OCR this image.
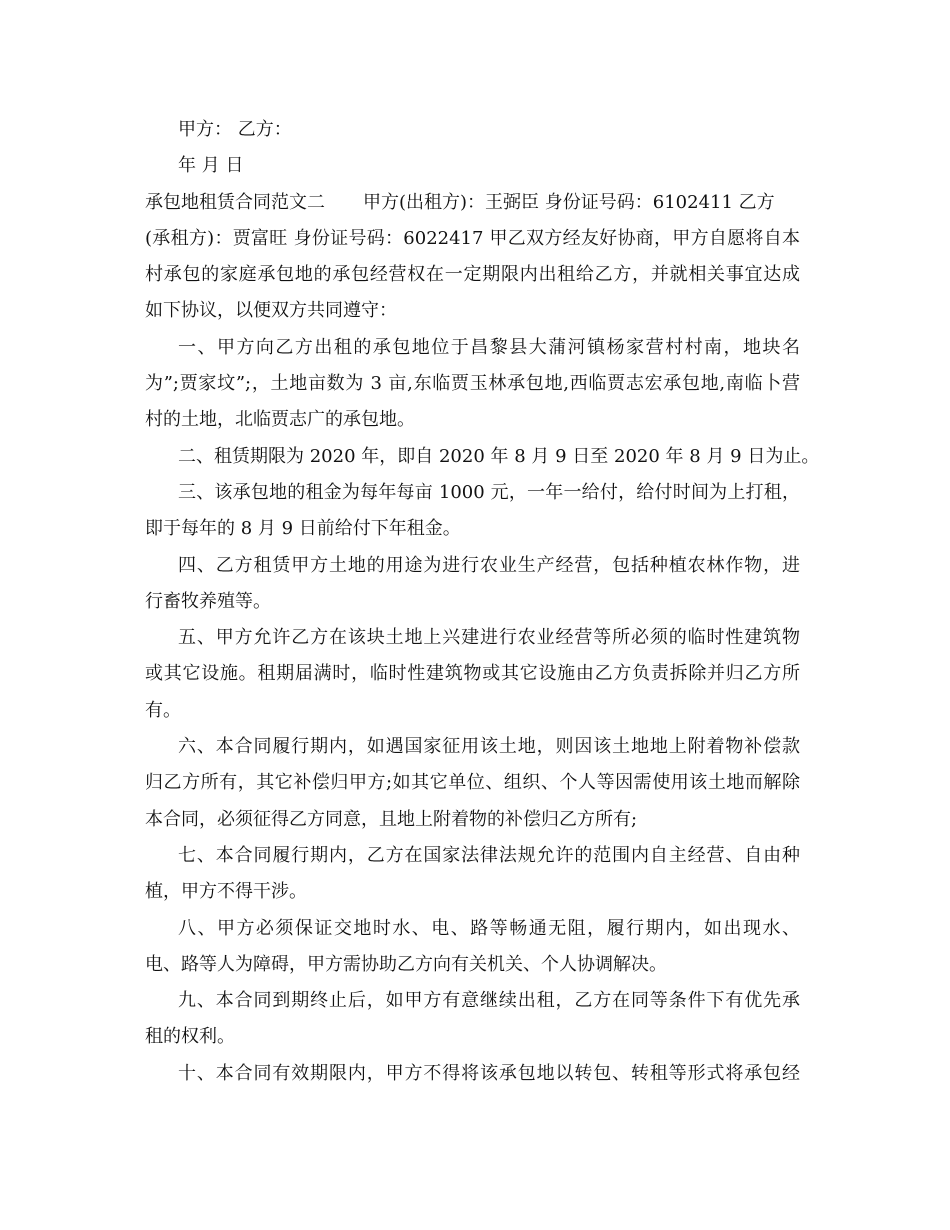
甲方： 乙方：
年 月 日
承包地租赁合同范文二 甲方(出租方)：王弼臣 身份证号码：6102411 乙方
(承租方)：贾富旺 身份证号码：6022417 甲乙双方经友好协商，甲方自愿将自本
村承包的家庭承包地的承包经营权在一定期限内出租给乙方，并就相关事宜达成
如下协议，以便双方共同遵守：
一、甲方向乙方出租的承包地位于昌黎县大蒲河镇杨家营村村南，地块名
为”;贾家坟”;，土地亩数为 3 亩,东临贾玉林承包地,西临贾志宏承包地,南临卜营
村的土地，北临贾志广的承包地。
二、租赁期限为 2020 年，即自 2020 年 8 月 9 日至 2020 年 8 月 9 日为止。
三、该承包地的租金为每年每亩 1000 元，一年一给付，给付时间为上打租，
即于每年的 8 月 9 日前给付下年租金。
四、乙方租赁甲方土地的用途为进行农业生产经营，包括种植农林作物，进
行畜牧养殖等。
五、甲方允许乙方在该块土地上兴建进行农业经营等所必须的临时性建筑物
或其它设施。租期届满时，临时性建筑物或其它设施由乙方负责拆除并归乙方所
有。
六、本合同履行期内，如遇国家征用该土地，则因该土地地上附着物补偿款
归乙方所有，其它补偿归甲方;如其它单位、组织、个人等因需使用该土地而解除
本合同，必须征得乙方同意，且地上附着物的补偿归乙方所有;
七、本合同履行期内，乙方在国家法律法规允许的范围内自主经营、自由种
植，甲方不得干涉。
八、甲方必须保证交地时水、电、路等畅通无阻，履行期内，如出现水、
电、路等人为障碍，甲方需协助乙方向有关机关、个人协调解决。
九、本合同到期终止后，如甲方有意继续出租，乙方在同等条件下有优先承
租的权利。
十、本合同有效期限内，甲方不得将该承包地以转包、转租等形式将承包经
